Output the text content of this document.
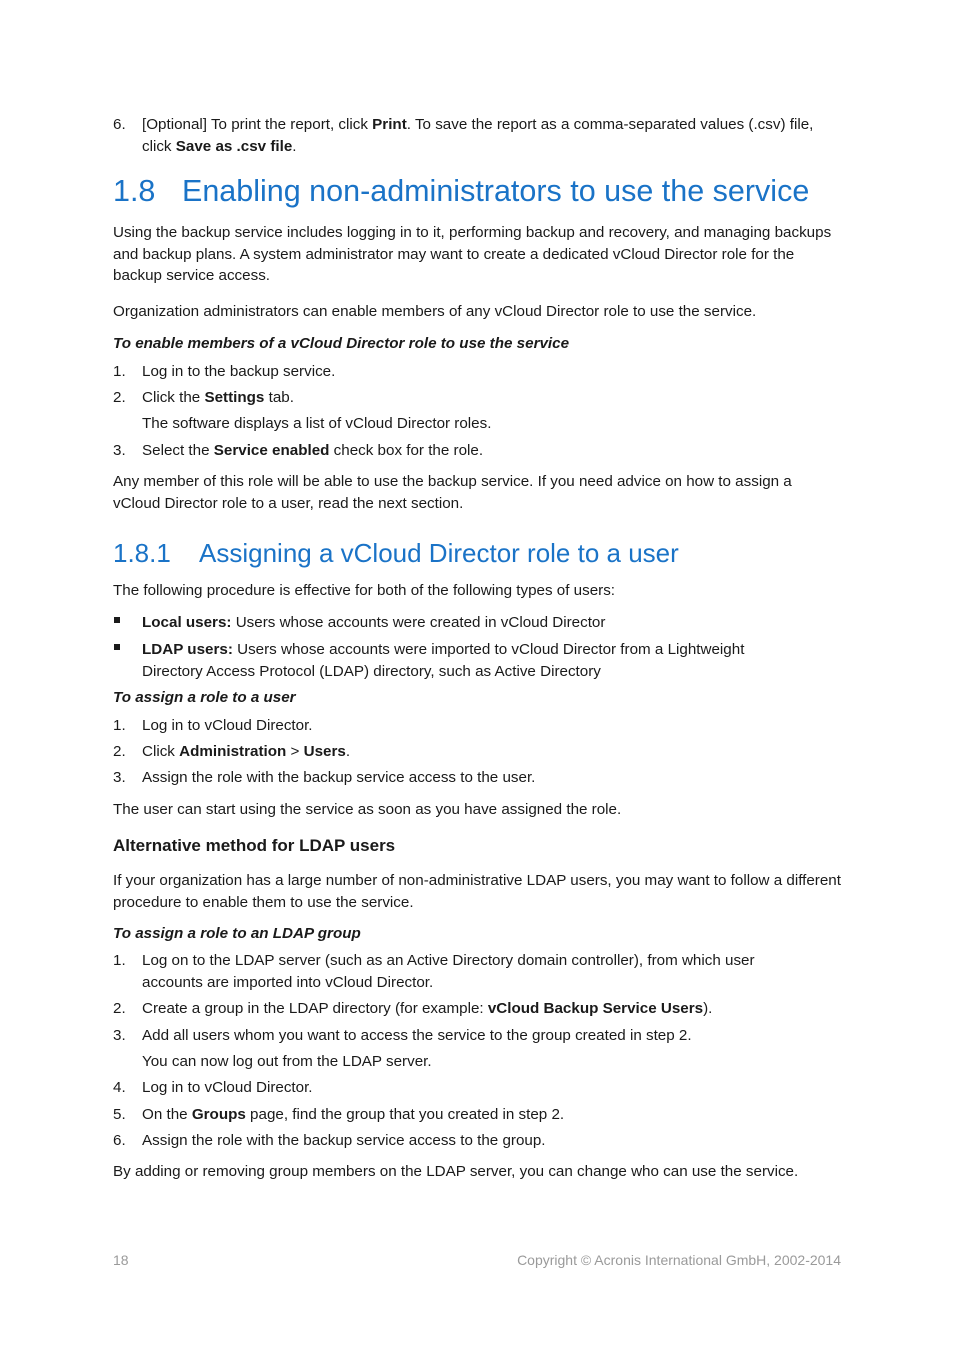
6. [Optional] To print the report, click Print. To save the report as a comma-separated values (.csv) file, click Save as .csv file.
1.8 Enabling non-administrators to use the service

Using the backup service includes logging in to it, performing backup and recovery, and managing backups and backup plans. A system administrator may want to create a dedicated vCloud Director role for the backup service access.

Organization administrators can enable members of any vCloud Director role to use the service.

To enable members of a vCloud Director role to use the service

1. Log in to the backup service.
2. Click the Settings tab.
The software displays a list of vCloud Director roles.
3. Select the Service enabled check box for the role.

Any member of this role will be able to use the backup service. If you need advice on how to assign a vCloud Director role to a user, read the next section.

1.8.1 Assigning a vCloud Director role to a user

The following procedure is effective for both of the following types of users:

Local users: Users whose accounts were created in vCloud Director
LDAP users: Users whose accounts were imported to vCloud Director from a Lightweight Directory Access Protocol (LDAP) directory, such as Active Directory

To assign a role to a user

1. Log in to vCloud Director.
2. Click Administration > Users.
3. Assign the role with the backup service access to the user.

The user can start using the service as soon as you have assigned the role.

Alternative method for LDAP users

If your organization has a large number of non-administrative LDAP users, you may want to follow a different procedure to enable them to use the service.

To assign a role to an LDAP group

1. Log on to the LDAP server (such as an Active Directory domain controller), from which user accounts are imported into vCloud Director.
2. Create a group in the LDAP directory (for example: vCloud Backup Service Users).
3. Add all users whom you want to access the service to the group created in step 2.
You can now log out from the LDAP server.
4. Log in to vCloud Director.
5. On the Groups page, find the group that you created in step 2.
6. Assign the role with the backup service access to the group.

By adding or removing group members on the LDAP server, you can change who can use the service.

18	Copyright © Acronis International GmbH, 2002-2014
